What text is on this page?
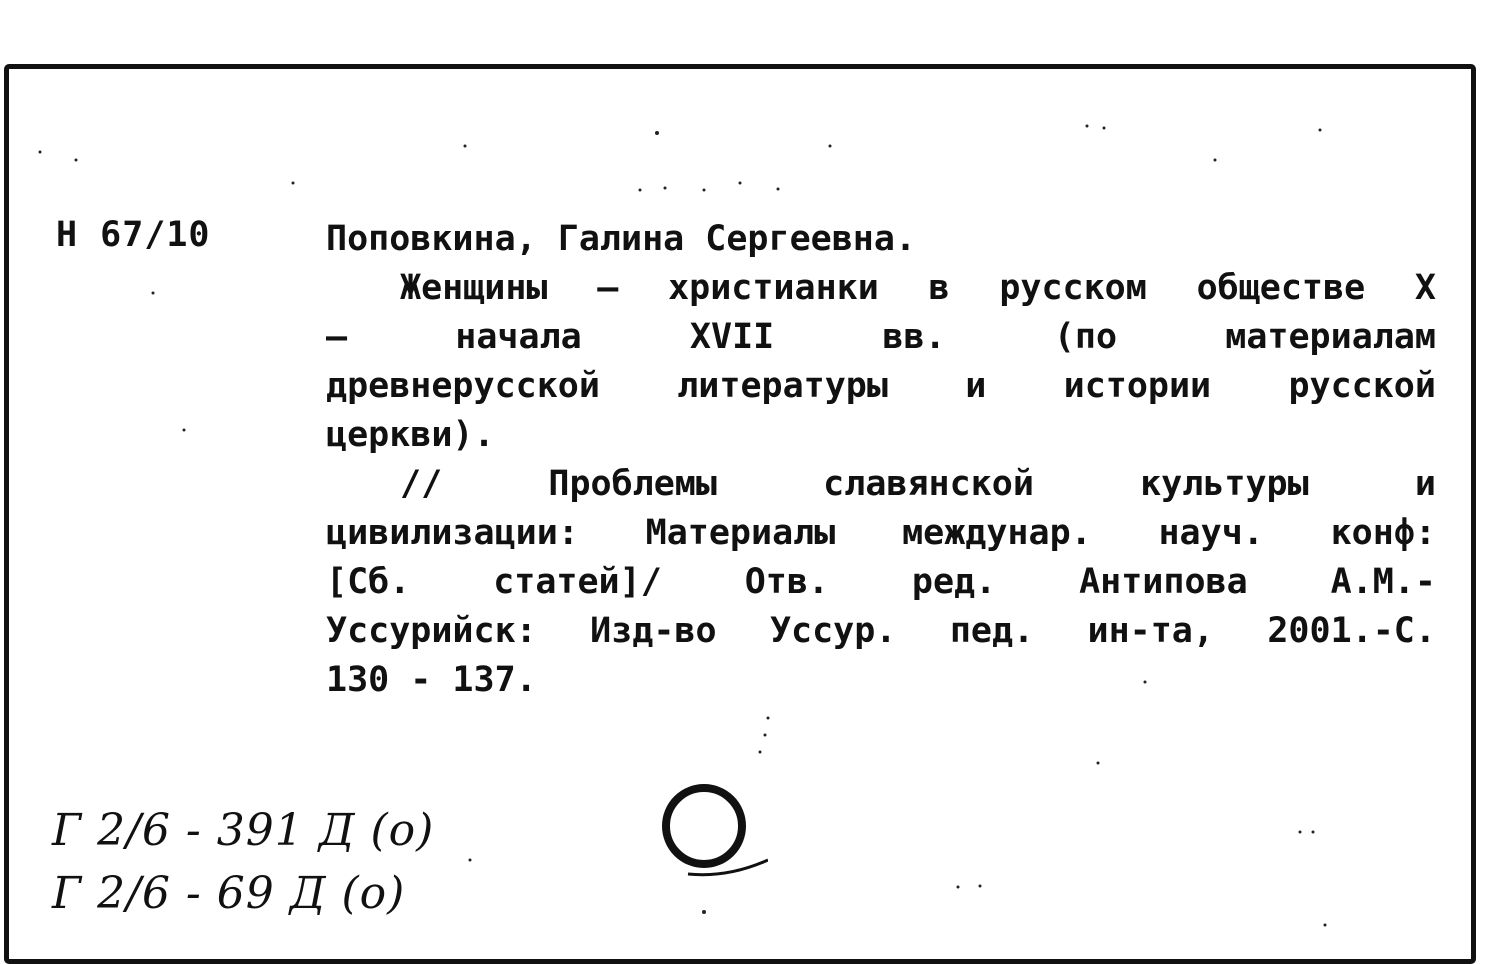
Н 67/10	Поповкина, Галина Сергеевна.
Женщины – христианки в русском обществе X
–	начала	XVII	вв.	(по	материалам
древнерусской литературы и истории русской
церкви).
//	Проблемы	славянской	культуры	и
цивилизации: Материалы междунар. науч. конф:
[Сб. статей]/ Отв. ред. Антипова А.М.-
Уссурийск: Изд-во Уссур. пед. ин-та, 2001.-С.
130 - 137.
Г 2/6 - 391 Д (о)
Г 2/6 - 69 Д (о)
